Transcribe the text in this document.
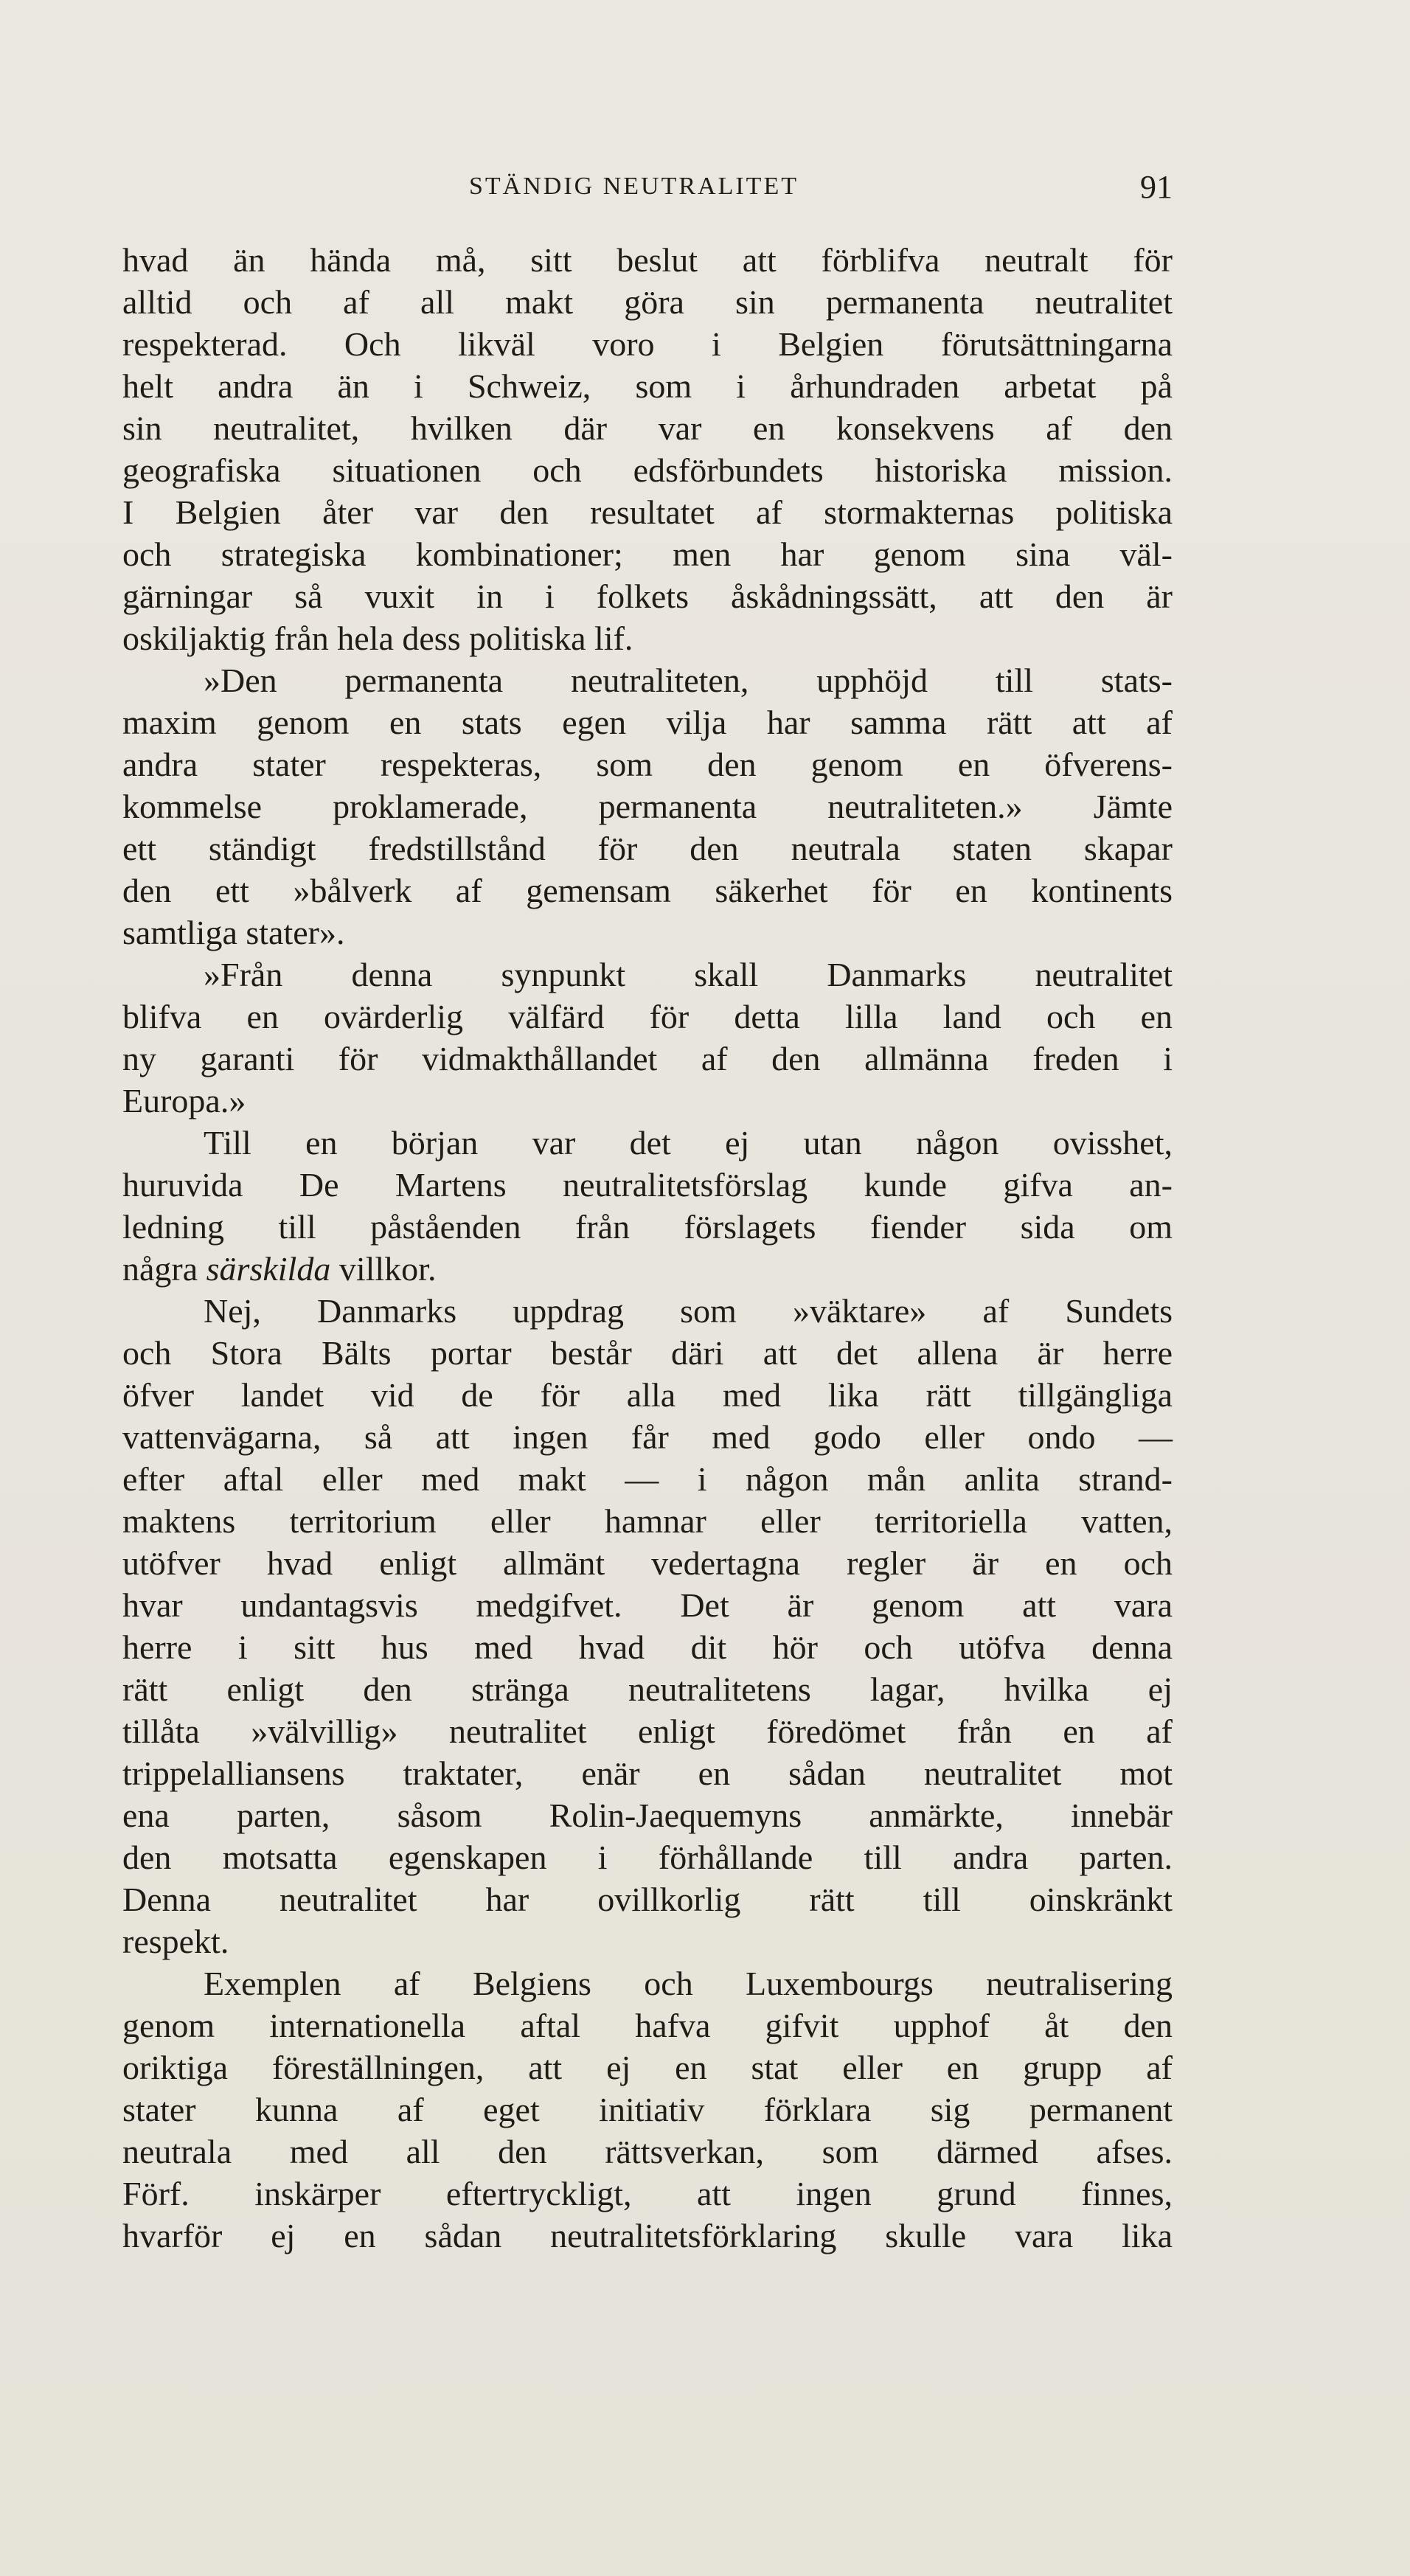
STÄNDIG NEUTRALITET	91
hvad än hända må, sitt beslut att förblifva neutralt för
alltid och af all makt göra sin permanenta neutralitet
respekterad. Och likväl voro i Belgien förutsättningarna
helt andra än i Schweiz, som i århundraden arbetat på
sin neutralitet, hvilken där var en konsekvens af den
geografiska situationen och edsförbundets historiska mission.
I Belgien åter var den resultatet af stormakternas politiska
och strategiska kombinationer; men har genom sina väl-
gärningar så vuxit in i folkets åskådningssätt, att den är
oskiljaktig från hela dess politiska lif.
»Den permanenta neutraliteten, upphöjd till stats-
maxim genom en stats egen vilja har samma rätt att af
andra stater respekteras, som den genom en öfverens-
kommelse proklamerade, permanenta neutraliteten.» Jämte
ett ständigt fredstillstånd för den neutrala staten skapar
den ett »bålverk af gemensam säkerhet för en kontinents
samtliga stater».
»Från denna synpunkt skall Danmarks neutralitet
blifva en ovärderlig välfärd för detta lilla land och en
ny garanti för vidmakthållandet af den allmänna freden i
Europa.»
Till en början var det ej utan någon ovisshet,
huruvida De Martens neutralitetsförslag kunde gifva an-
ledning till påståenden från förslagets fiender sida om
några särskilda villkor.
Nej, Danmarks uppdrag som »väktare» af Sundets
och Stora Bälts portar består däri att det allena är herre
öfver landet vid de för alla med lika rätt tillgängliga
vattenvägarna, så att ingen får med godo eller ondo —
efter aftal eller med makt — i någon mån anlita strand-
maktens territorium eller hamnar eller territoriella vatten,
utöfver hvad enligt allmänt vedertagna regler är en och
hvar undantagsvis medgifvet. Det är genom att vara
herre i sitt hus med hvad dit hör och utöfva denna
rätt enligt den stränga neutralitetens lagar, hvilka ej
tillåta »välvillig» neutralitet enligt föredömet från en af
trippelalliansens traktater, enär en sådan neutralitet mot
ena parten, såsom Rolin-Jaequemyns anmärkte, innebär
den motsatta egenskapen i förhållande till andra parten.
Denna neutralitet har ovillkorlig rätt till oinskränkt
respekt.
Exemplen af Belgiens och Luxembourgs neutralisering
genom internationella aftal hafva gifvit upphof åt den
oriktiga föreställningen, att ej en stat eller en grupp af
stater kunna af eget initiativ förklara sig permanent
neutrala med all den rättsverkan, som därmed afses.
Förf. inskärper eftertryckligt, att ingen grund finnes,
hvarför ej en sådan neutralitetsförklaring skulle vara lika
